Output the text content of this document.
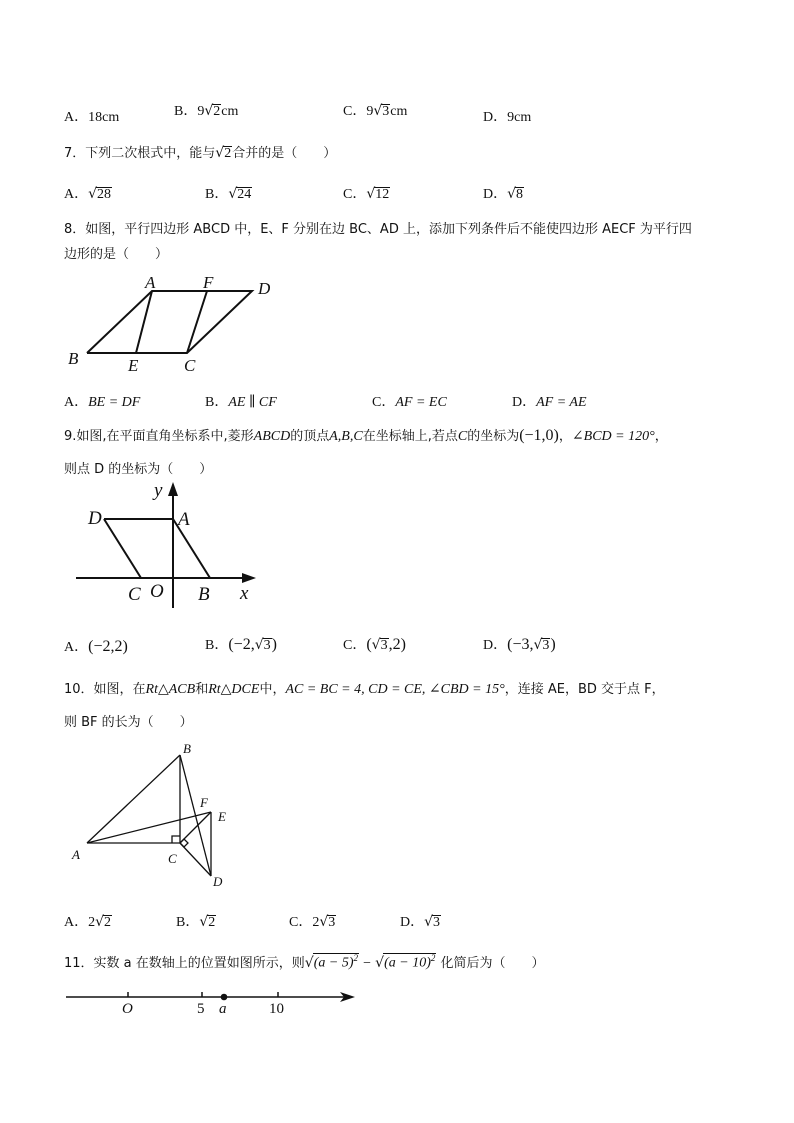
A．18cm	B．9√2cm	C．9√3cm	D．9cm
7．下列二次根式中，能与√2合并的是（　　）
A．√28	B．√24	C．√12	D．√8
8．如图，平行四边形 ABCD 中，E、F 分别在边 BC、AD 上，添加下列条件后不能使四边形 AECF 为平行四
边形的是（　　）
A	F	D
B	E	C
A．BE = DF	B．AE ∥ CF	C．AF = EC	D．AF = AE
9.如图,在平面直角坐标系中,菱形ABCD的顶点A,B,C在坐标轴上,若点C的坐标为(−1,0)，∠BCD = 120°，
则点 D 的坐标为（　　）
y
x
D	A
C O B
A．(−2,2)	B．(−2,√3)	C．(√3,2)	D．(−3,√3)
10．如图，在Rt△ACB和Rt△DCE中，AC = BC = 4, CD = CE, ∠CBD = 15°，连接 AE，BD 交于点 F，
则 BF 的长为（　　）
B
F
E
A	C
D
A．2√2	B．√2	C．2√3	D．√3
11．实数 a 在数轴上的位置如图所示，则$√(a - 5)^2 - √(a - 10)^2$ 化简后为（　　）
O	5 a	10
